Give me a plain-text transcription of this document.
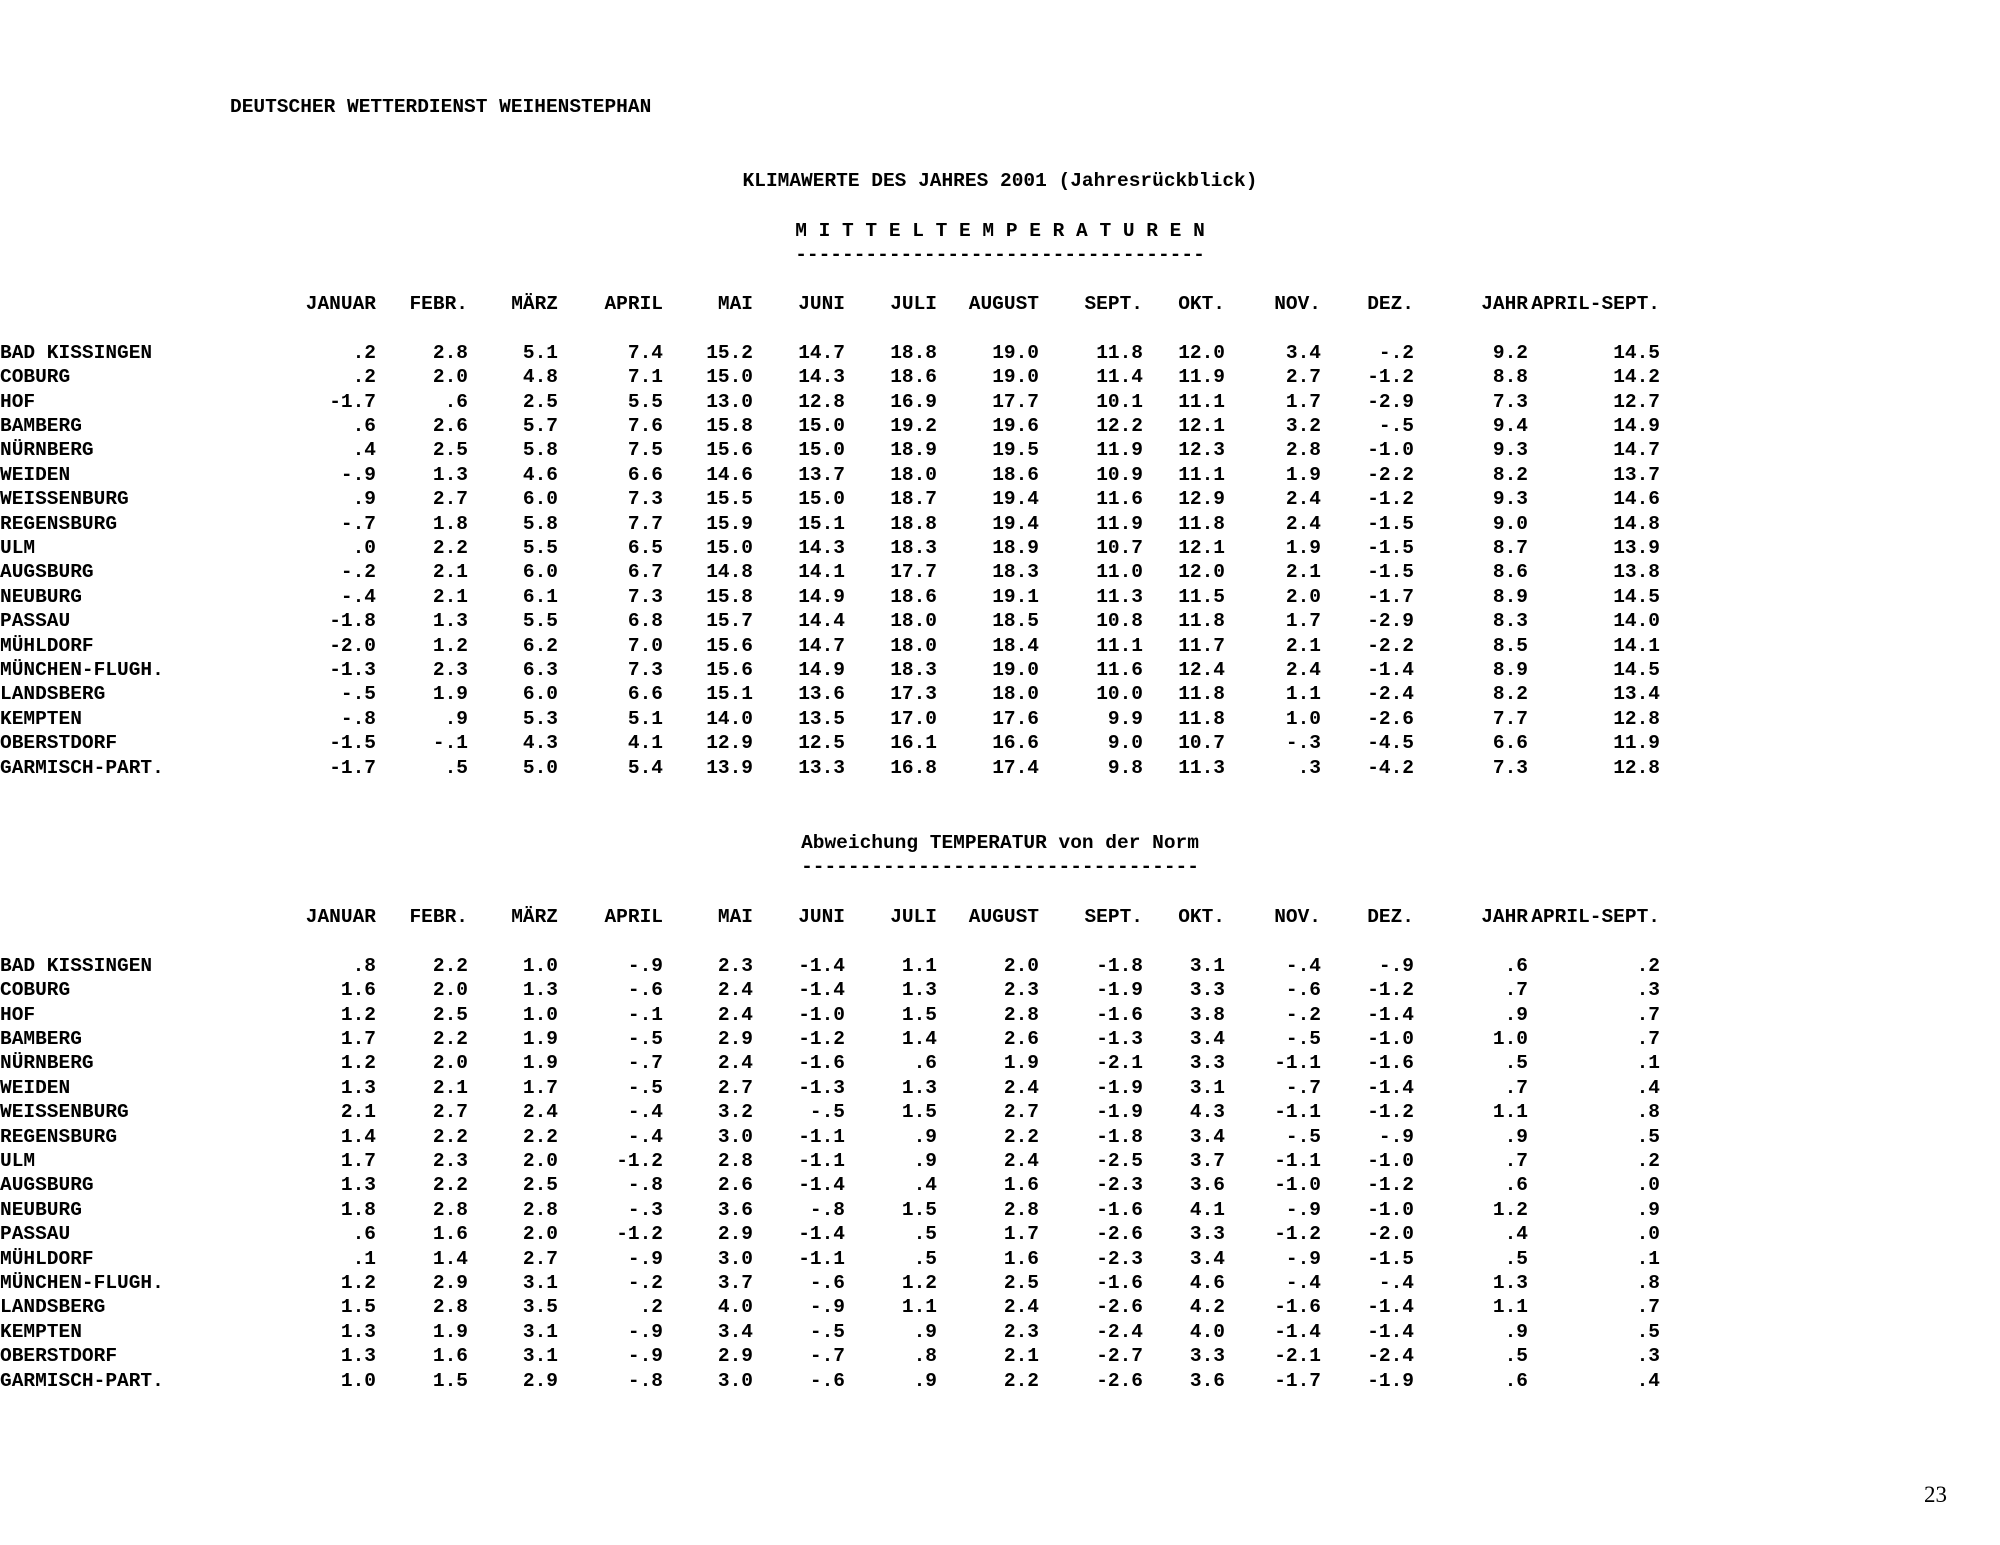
DEUTSCHER WETTERDIENST WEIHENSTEPHAN
KLIMAWERTE DES JAHRES 2001 (Jahresrückblick)
M I T T E L T E M P E R A T U R E N
-----------------------------------
	JANUAR	FEBR.	MÄRZ	APRIL	MAI	JUNI	JULI	AUGUST	SEPT.	OKT.	NOV.	DEZ.	JAHR	APRIL-SEPT.

BAD KISSINGEN	.2	2.8	5.1	7.4	15.2	14.7	18.8	19.0	11.8	12.0	3.4	-.2	9.2	14.5
COBURG	.2	2.0	4.8	7.1	15.0	14.3	18.6	19.0	11.4	11.9	2.7	-1.2	8.8	14.2
HOF	-1.7	.6	2.5	5.5	13.0	12.8	16.9	17.7	10.1	11.1	1.7	-2.9	7.3	12.7
BAMBERG	.6	2.6	5.7	7.6	15.8	15.0	19.2	19.6	12.2	12.1	3.2	-.5	9.4	14.9
NÜRNBERG	.4	2.5	5.8	7.5	15.6	15.0	18.9	19.5	11.9	12.3	2.8	-1.0	9.3	14.7
WEIDEN	-.9	1.3	4.6	6.6	14.6	13.7	18.0	18.6	10.9	11.1	1.9	-2.2	8.2	13.7
WEISSENBURG	.9	2.7	6.0	7.3	15.5	15.0	18.7	19.4	11.6	12.9	2.4	-1.2	9.3	14.6
REGENSBURG	-.7	1.8	5.8	7.7	15.9	15.1	18.8	19.4	11.9	11.8	2.4	-1.5	9.0	14.8
ULM	.0	2.2	5.5	6.5	15.0	14.3	18.3	18.9	10.7	12.1	1.9	-1.5	8.7	13.9
AUGSBURG	-.2	2.1	6.0	6.7	14.8	14.1	17.7	18.3	11.0	12.0	2.1	-1.5	8.6	13.8
NEUBURG	-.4	2.1	6.1	7.3	15.8	14.9	18.6	19.1	11.3	11.5	2.0	-1.7	8.9	14.5
PASSAU	-1.8	1.3	5.5	6.8	15.7	14.4	18.0	18.5	10.8	11.8	1.7	-2.9	8.3	14.0
MÜHLDORF	-2.0	1.2	6.2	7.0	15.6	14.7	18.0	18.4	11.1	11.7	2.1	-2.2	8.5	14.1
MÜNCHEN-FLUGH.	-1.3	2.3	6.3	7.3	15.6	14.9	18.3	19.0	11.6	12.4	2.4	-1.4	8.9	14.5
LANDSBERG	-.5	1.9	6.0	6.6	15.1	13.6	17.3	18.0	10.0	11.8	1.1	-2.4	8.2	13.4
KEMPTEN	-.8	.9	5.3	5.1	14.0	13.5	17.0	17.6	9.9	11.8	1.0	-2.6	7.7	12.8
OBERSTDORF	-1.5	-.1	4.3	4.1	12.9	12.5	16.1	16.6	9.0	10.7	-.3	-4.5	6.6	11.9
GARMISCH-PART.	-1.7	.5	5.0	5.4	13.9	13.3	16.8	17.4	9.8	11.3	.3	-4.2	7.3	12.8
Abweichung TEMPERATUR von der Norm
----------------------------------
	JANUAR	FEBR.	MÄRZ	APRIL	MAI	JUNI	JULI	AUGUST	SEPT.	OKT.	NOV.	DEZ.	JAHR	APRIL-SEPT.

BAD KISSINGEN	.8	2.2	1.0	-.9	2.3	-1.4	1.1	2.0	-1.8	3.1	-.4	-.9	.6	.2
COBURG	1.6	2.0	1.3	-.6	2.4	-1.4	1.3	2.3	-1.9	3.3	-.6	-1.2	.7	.3
HOF	1.2	2.5	1.0	-.1	2.4	-1.0	1.5	2.8	-1.6	3.8	-.2	-1.4	.9	.7
BAMBERG	1.7	2.2	1.9	-.5	2.9	-1.2	1.4	2.6	-1.3	3.4	-.5	-1.0	1.0	.7
NÜRNBERG	1.2	2.0	1.9	-.7	2.4	-1.6	.6	1.9	-2.1	3.3	-1.1	-1.6	.5	.1
WEIDEN	1.3	2.1	1.7	-.5	2.7	-1.3	1.3	2.4	-1.9	3.1	-.7	-1.4	.7	.4
WEISSENBURG	2.1	2.7	2.4	-.4	3.2	-.5	1.5	2.7	-1.9	4.3	-1.1	-1.2	1.1	.8
REGENSBURG	1.4	2.2	2.2	-.4	3.0	-1.1	.9	2.2	-1.8	3.4	-.5	-.9	.9	.5
ULM	1.7	2.3	2.0	-1.2	2.8	-1.1	.9	2.4	-2.5	3.7	-1.1	-1.0	.7	.2
AUGSBURG	1.3	2.2	2.5	-.8	2.6	-1.4	.4	1.6	-2.3	3.6	-1.0	-1.2	.6	.0
NEUBURG	1.8	2.8	2.8	-.3	3.6	-.8	1.5	2.8	-1.6	4.1	-.9	-1.0	1.2	.9
PASSAU	.6	1.6	2.0	-1.2	2.9	-1.4	.5	1.7	-2.6	3.3	-1.2	-2.0	.4	.0
MÜHLDORF	.1	1.4	2.7	-.9	3.0	-1.1	.5	1.6	-2.3	3.4	-.9	-1.5	.5	.1
MÜNCHEN-FLUGH.	1.2	2.9	3.1	-.2	3.7	-.6	1.2	2.5	-1.6	4.6	-.4	-.4	1.3	.8
LANDSBERG	1.5	2.8	3.5	.2	4.0	-.9	1.1	2.4	-2.6	4.2	-1.6	-1.4	1.1	.7
KEMPTEN	1.3	1.9	3.1	-.9	3.4	-.5	.9	2.3	-2.4	4.0	-1.4	-1.4	.9	.5
OBERSTDORF	1.3	1.6	3.1	-.9	2.9	-.7	.8	2.1	-2.7	3.3	-2.1	-2.4	.5	.3
GARMISCH-PART.	1.0	1.5	2.9	-.8	3.0	-.6	.9	2.2	-2.6	3.6	-1.7	-1.9	.6	.4
23
